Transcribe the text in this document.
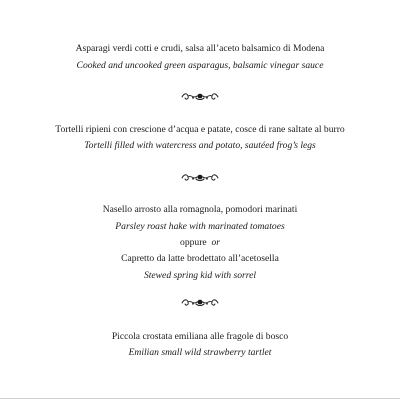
Asparagi verdi cotti e crudi, salsa all’aceto balsamico di Modena
Cooked and uncooked green asparagus, balsamic vinegar sauce
Tortelli ripieni con crescione d’acqua e patate, cosce di rane saltate al burro
Tortelli filled with watercress and potato, sautéed frog’s legs
Nasello arrosto alla romagnola, pomodori marinati
Parsley roast hake with marinated tomatoes
oppure or
Capretto da latte brodettato all’acetosella
Stewed spring kid with sorrel
Piccola crostata emiliana alle fragole di bosco
Emilian small wild strawberry tartlet
